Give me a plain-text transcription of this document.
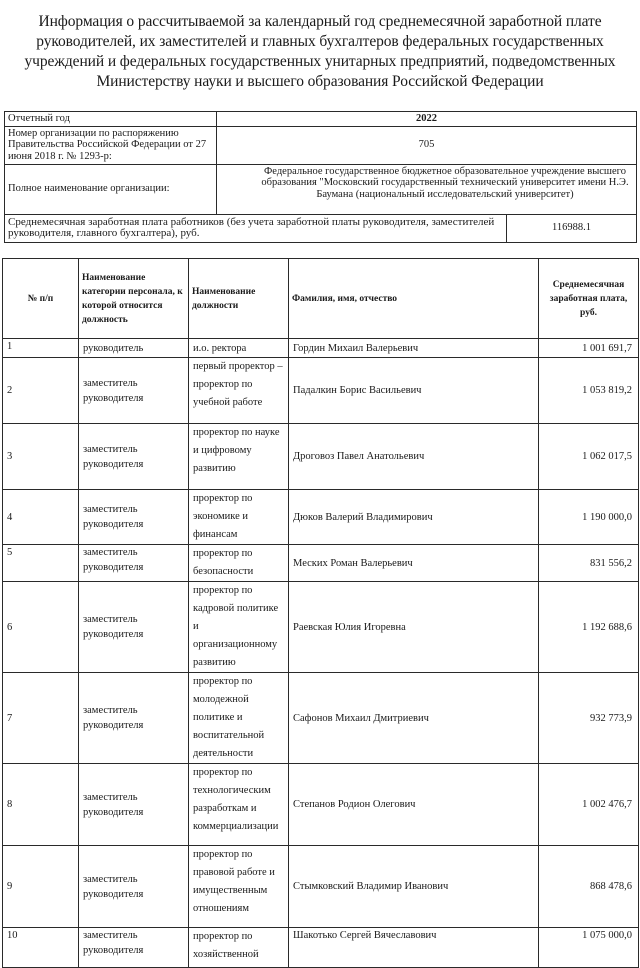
Информация о рассчитываемой за календарный год среднемесячной заработной плате
руководителей, их заместителей и главных бухгалтеров федеральных государственных
учреждений и федеральных государственных унитарных предприятий, подведомственных
Министерству науки и высшего образования Российской Федерации
Отчетный год	2022	
Номер организации по распоряжению Правительства Российской Федерации от 27 июня 2018 г. № 1293-р:	705	
Полное наименование организации:	Федеральное государственное бюджетное образовательное учреждение высшего образования "Московский государственный технический университет имени Н.Э. Баумана (национальный исследовательский университет)	
Среднемесячная заработная плата работников (без учета заработной платы руководителя, заместителей руководителя, главного бухгалтера), руб.		116988.1
№ п/п	Наименование категории персонала, к которой относится должность	Наименование должности	Фамилия, имя, отчество	Среднемесячная заработная плата, руб.
1	руководитель	и.о. ректора	Гордин Михаил Валерьевич	1 001 691,7
2	заместитель руководителя	первый проректор – проректор по учебной работе	Падалкин Борис Васильевич	1 053 819,2
3	заместитель руководителя	проректор по науке и цифровому развитию	Дроговоз Павел Анатольевич	1 062 017,5
4	заместитель руководителя	проректор по экономике и финансам	Дюков Валерий Владимирович	1 190 000,0
5	заместитель руководителя	проректор по безопасности	Меских Роман Валерьевич	831 556,2
6	заместитель руководителя	проректор по кадровой политике и организационному развитию	Раевская Юлия Игоревна	1 192 688,6
7	заместитель руководителя	проректор по молодежной политике и воспитательной деятельности	Сафонов Михаил Дмитриевич	932 773,9
8	заместитель руководителя	проректор по технологическим разработкам и коммерциализации	Степанов Родион Олегович	1 002 476,7
9	заместитель руководителя	проректор по правовой работе и имущественным отношениям	Стымковский Владимир Иванович	868 478,6
10	заместитель руководителя	проректор по хозяйственной	Шакотько Сергей Вячеславович	1 075 000,0
